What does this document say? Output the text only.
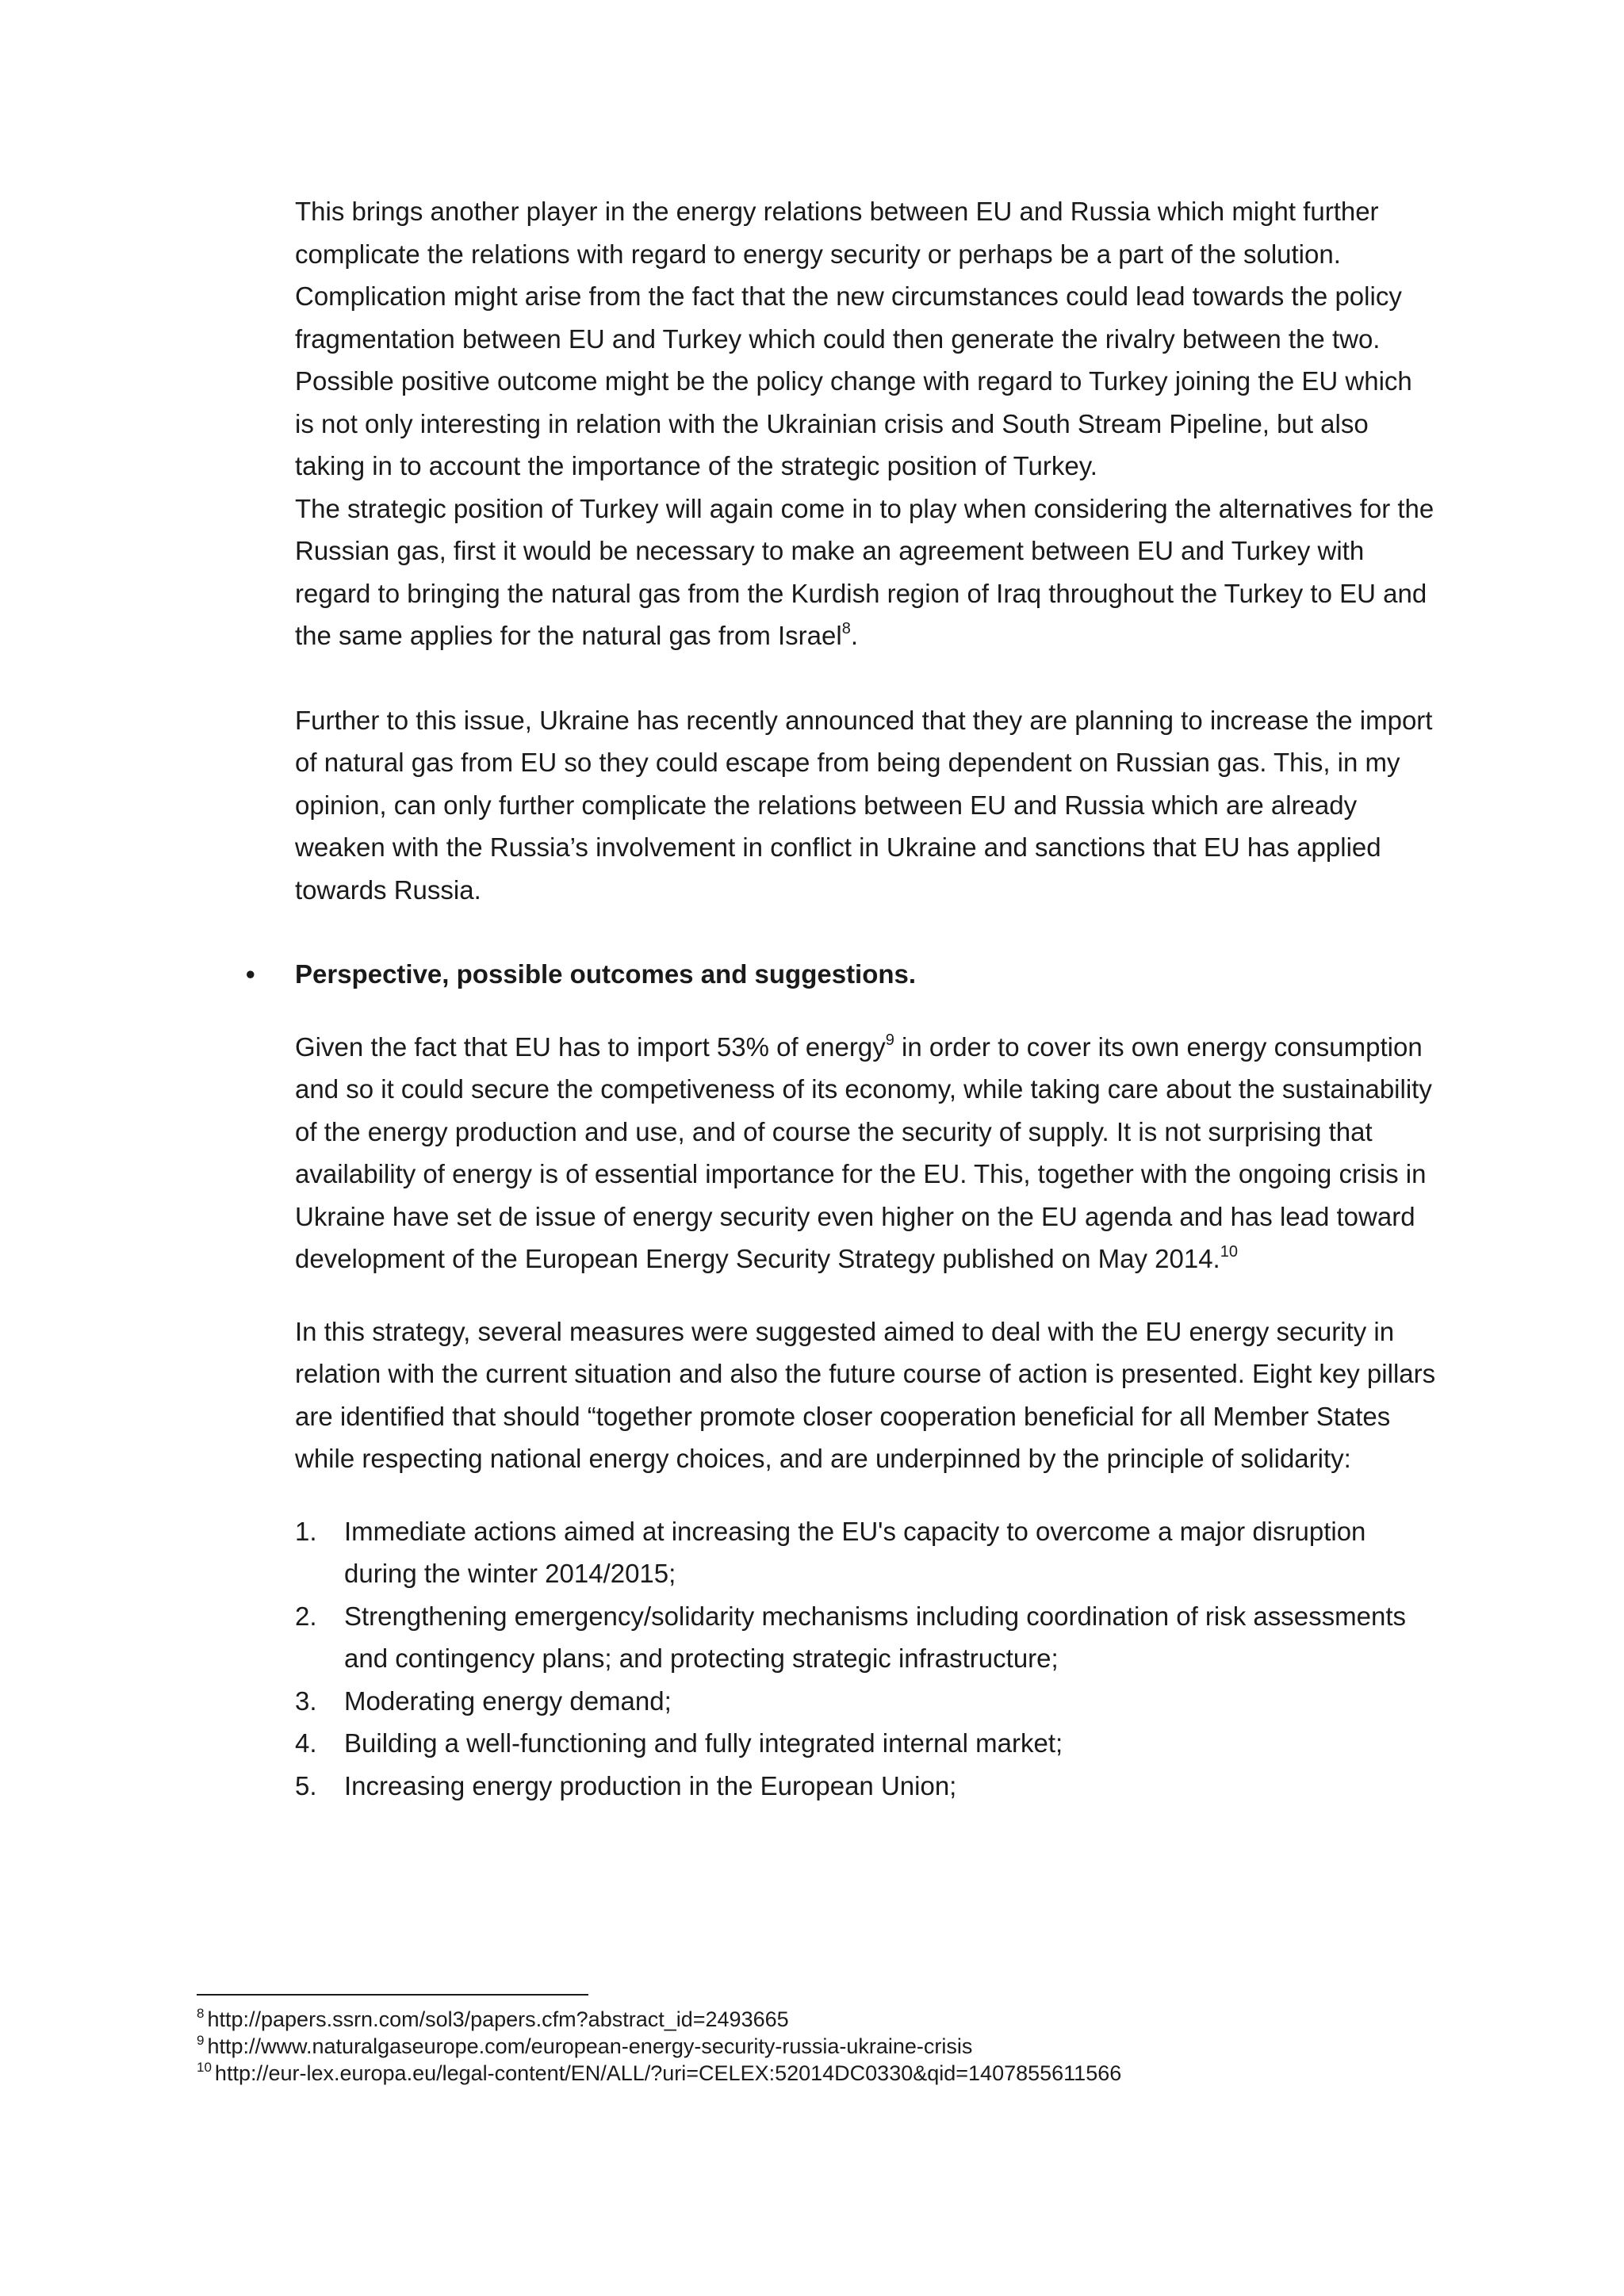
This brings another player in the energy relations between EU and Russia which might further complicate the relations with regard to energy security or perhaps be a part of the solution.

Complication might arise from the fact that the new circumstances could lead towards the policy fragmentation between EU and Turkey which could then generate the rivalry between the two.

Possible positive outcome might be the policy change with regard to Turkey joining the EU which is not only interesting in relation with the Ukrainian crisis and South Stream Pipeline, but also taking in to account the importance of the strategic position of Turkey.

The strategic position of Turkey will again come in to play when considering the alternatives for the Russian gas, first it would be necessary to make an agreement between EU and Turkey with regard to bringing the natural gas from the Kurdish region of Iraq throughout the Turkey to EU and the same applies for the natural gas from Israel$^8$.

Further to this issue, Ukraine has recently announced that they are planning to increase the import of natural gas from EU so they could escape from being dependent on Russian gas. This, in my opinion, can only further complicate the relations between EU and Russia which are already weaken with the Russia’s involvement in conflict in Ukraine and sanctions that EU has applied towards Russia.

• Perspective, possible outcomes and suggestions.

Given the fact that EU has to import 53% of energy$^9$ in order to cover its own energy consumption and so it could secure the competiveness of its economy, while taking care about the sustainability of the energy production and use, and of course the security of supply. It is not surprising that availability of energy is of essential importance for the EU. This, together with the ongoing crisis in Ukraine have set de issue of energy security even higher on the EU agenda and has lead toward development of the European Energy Security Strategy published on May 2014.10

In this strategy, several measures were suggested aimed to deal with the EU energy security in relation with the current situation and also the future course of action is presented. Eight key pillars are identified that should “together promote closer cooperation beneficial for all Member States while respecting national energy choices, and are underpinned by the principle of solidarity:

1. Immediate actions aimed at increasing the EU's capacity to overcome a major disruption during the winter 2014/2015;
2. Strengthening emergency/solidarity mechanisms including coordination of risk assessments and contingency plans; and protecting strategic infrastructure;
3. Moderating energy demand;
4. Building a well-functioning and fully integrated internal market;
5. Increasing energy production in the European Union;

$^8$ http://papers.ssrn.com/sol3/papers.cfm?abstract_id=2493665

$^9$ http://www.naturalgaseurope.com/european-energy-security-russia-ukraine-crisis

$^{10}$ http://eur-lex.europa.eu/legal-content/EN/ALL/?uri=CELEX:52014DC0330&qid=1407855611566
